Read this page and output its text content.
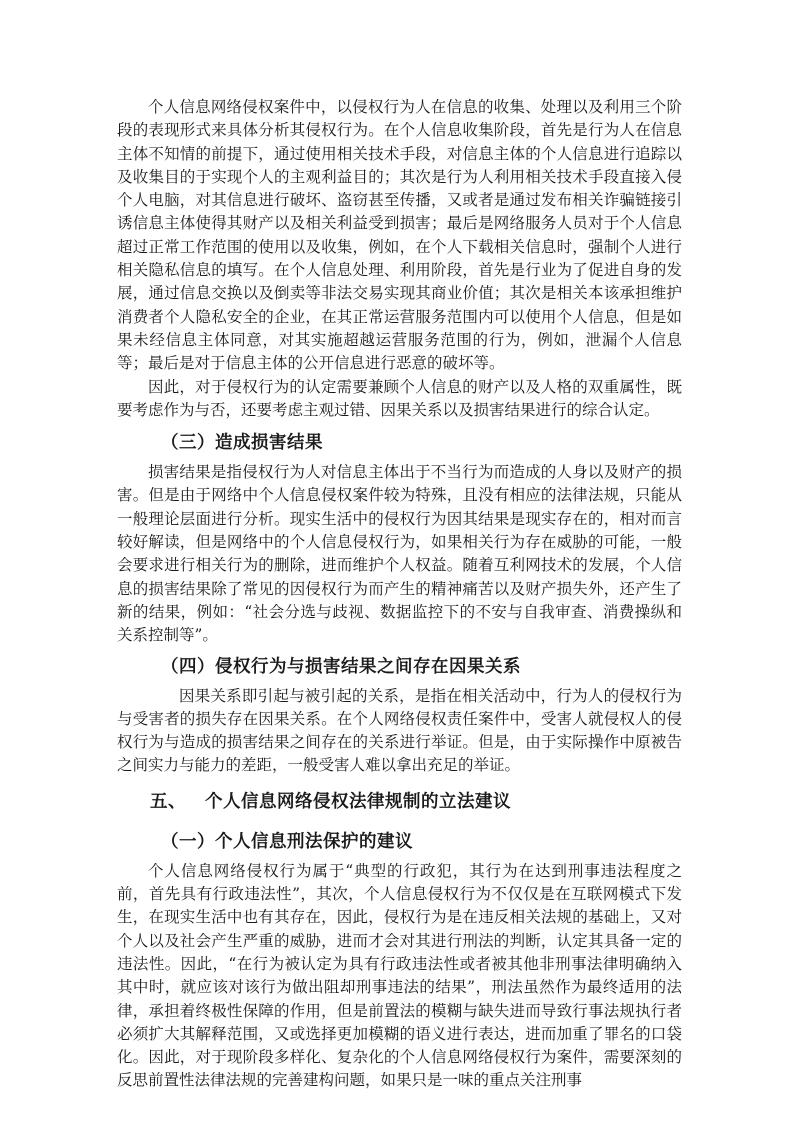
个人信息网络侵权案件中，以侵权行为人在信息的收集、处理以及利用三个阶段的表现形式来具体分析其侵权行为。在个人信息收集阶段，首先是行为人在信息主体不知情的前提下，通过使用相关技术手段，对信息主体的个人信息进行追踪以及收集目的于实现个人的主观利益目的；其次是行为人利用相关技术手段直接入侵个人电脑，对其信息进行破坏、盗窃甚至传播，又或者是通过发布相关诈骗链接引诱信息主体使得其财产以及相关利益受到损害；最后是网络服务人员对于个人信息超过正常工作范围的使用以及收集，例如，在个人下载相关信息时，强制个人进行相关隐私信息的填写。在个人信息处理、利用阶段，首先是行业为了促进自身的发展，通过信息交换以及倒卖等非法交易实现其商业价值；其次是相关本该承担维护消费者个人隐私安全的企业，在其正常运营服务范围内可以使用个人信息，但是如果未经信息主体同意，对其实施超越运营服务范围的行为，例如，泄漏个人信息等；最后是对于信息主体的公开信息进行恶意的破坏等。

因此，对于侵权行为的认定需要兼顾个人信息的财产以及人格的双重属性，既要考虑作为与否，还要考虑主观过错、因果关系以及损害结果进行的综合认定。

（三）造成损害结果

损害结果是指侵权行为人对信息主体出于不当行为而造成的人身以及财产的损害。但是由于网络中个人信息侵权案件较为特殊，且没有相应的法律法规，只能从一般理论层面进行分析。现实生活中的侵权行为因其结果是现实存在的，相对而言较好解读，但是网络中的个人信息侵权行为，如果相关行为存在威胁的可能，一般会要求进行相关行为的删除，进而维护个人权益。随着互利网技术的发展，个人信息的损害结果除了常见的因侵权行为而产生的精神痛苦以及财产损失外，还产生了新的结果，例如：“社会分选与歧视、数据监控下的不安与自我审查、消费操纵和关系控制等”。

（四）侵权行为与损害结果之间存在因果关系

因果关系即引起与被引起的关系，是指在相关活动中，行为人的侵权行为与受害者的损失存在因果关系。在个人网络侵权责任案件中，受害人就侵权人的侵权行为与造成的损害结果之间存在的关系进行举证。但是，由于实际操作中原被告之间实力与能力的差距，一般受害人难以拿出充足的举证。

五、 个人信息网络侵权法律规制的立法建议
（一）个人信息刑法保护的建议

个人信息网络侵权行为属于“典型的行政犯，其行为在达到刑事违法程度之前，首先具有行政违法性”，其次，个人信息侵权行为不仅仅是在互联网模式下发生，在现实生活中也有其存在，因此，侵权行为是在违反相关法规的基础上，又对个人以及社会产生严重的威胁，进而才会对其进行刑法的判断，认定其具备一定的违法性。因此，“在行为被认定为具有行政违法性或者被其他非刑事法律明确纳入其中时，就应该对该行为做出阻却刑事违法的结果”，刑法虽然作为最终适用的法律，承担着终极性保障的作用，但是前置法的模糊与缺失进而导致行事法规执行者必须扩大其解释范围，又或选择更加模糊的语义进行表达，进而加重了罪名的口袋化。因此，对于现阶段多样化、复杂化的个人信息网络侵权行为案件，需要深刻的反思前置性法律法规的完善建构问题，如果只是一味的重点关注刑事
